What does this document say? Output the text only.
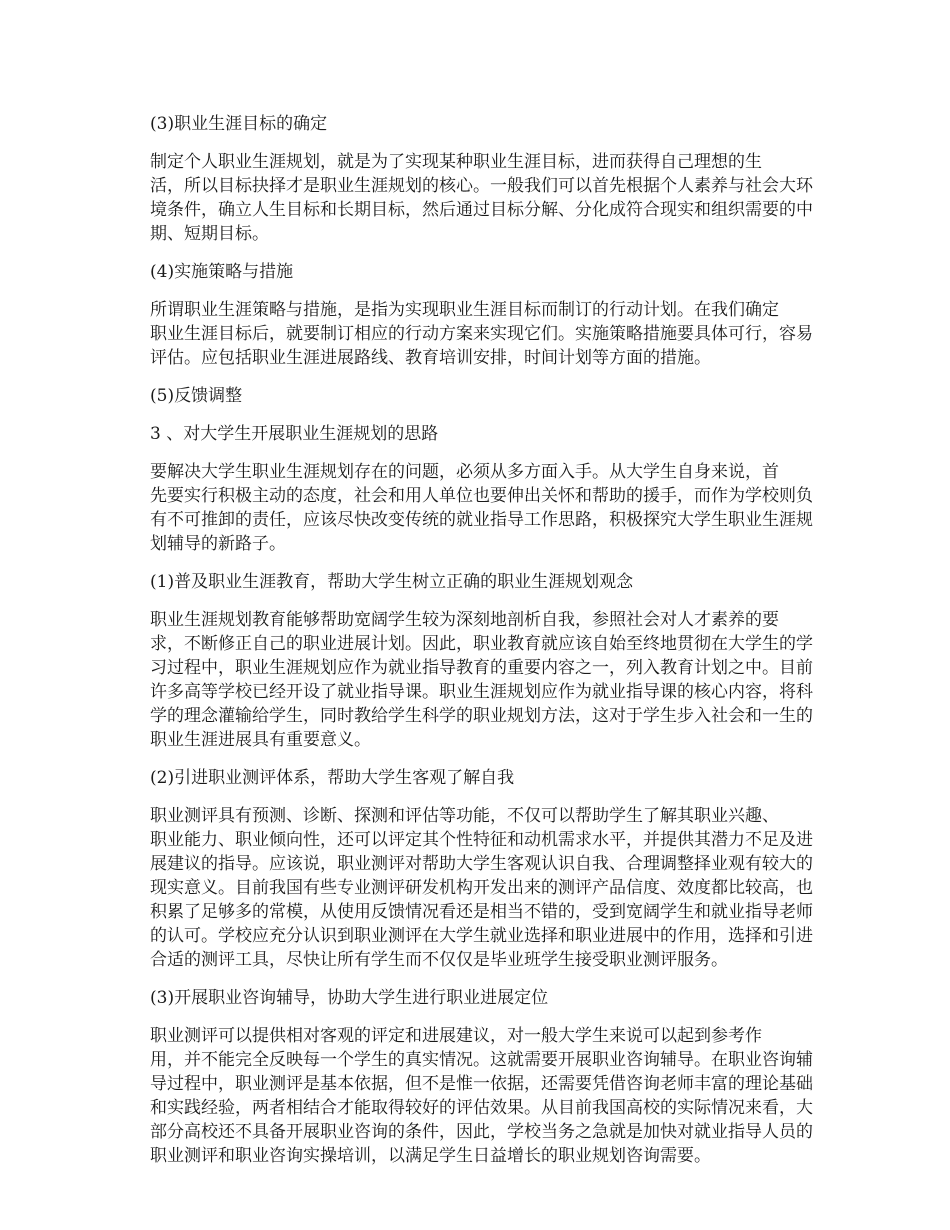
(3)职业生涯目标的确定

制定个人职业生涯规划，就是为了实现某种职业生涯目标，进而获得自己理想的生
活，所以目标抉择才是职业生涯规划的核心。一般我们可以首先根据个人素养与社会大环
境条件，确立人生目标和长期目标，然后通过目标分解、分化成符合现实和组织需要的中
期、短期目标。

(4)实施策略与措施

所谓职业生涯策略与措施，是指为实现职业生涯目标而制订的行动计划。在我们确定
职业生涯目标后，就要制订相应的行动方案来实现它们。实施策略措施要具体可行，容易
评估。应包括职业生涯进展路线、教育培训安排，时间计划等方面的措施。

(5)反馈调整

3 、对大学生开展职业生涯规划的思路

要解决大学生职业生涯规划存在的问题，必须从多方面入手。从大学生自身来说，首
先要实行积极主动的态度，社会和用人单位也要伸出关怀和帮助的援手，而作为学校则负
有不可推卸的责任，应该尽快改变传统的就业指导工作思路，积极探究大学生职业生涯规
划辅导的新路子。

(1)普及职业生涯教育，帮助大学生树立正确的职业生涯规划观念

职业生涯规划教育能够帮助宽阔学生较为深刻地剖析自我，参照社会对人才素养的要
求，不断修正自己的职业进展计划。因此，职业教育就应该自始至终地贯彻在大学生的学
习过程中，职业生涯规划应作为就业指导教育的重要内容之一，列入教育计划之中。目前
许多高等学校已经开设了就业指导课。职业生涯规划应作为就业指导课的核心内容，将科
学的理念灌输给学生，同时教给学生科学的职业规划方法，这对于学生步入社会和一生的
职业生涯进展具有重要意义。

(2)引进职业测评体系，帮助大学生客观了解自我

职业测评具有预测、诊断、探测和评估等功能，不仅可以帮助学生了解其职业兴趣、
职业能力、职业倾向性，还可以评定其个性特征和动机需求水平，并提供其潜力不足及进
展建议的指导。应该说，职业测评对帮助大学生客观认识自我、合理调整择业观有较大的
现实意义。目前我国有些专业测评研发机构开发出来的测评产品信度、效度都比较高，也
积累了足够多的常模，从使用反馈情况看还是相当不错的，受到宽阔学生和就业指导老师
的认可。学校应充分认识到职业测评在大学生就业选择和职业进展中的作用，选择和引进
合适的测评工具，尽快让所有学生而不仅仅是毕业班学生接受职业测评服务。

(3)开展职业咨询辅导，协助大学生进行职业进展定位

职业测评可以提供相对客观的评定和进展建议，对一般大学生来说可以起到参考作
用，并不能完全反映每一个学生的真实情况。这就需要开展职业咨询辅导。在职业咨询辅
导过程中，职业测评是基本依据，但不是惟一依据，还需要凭借咨询老师丰富的理论基础
和实践经验，两者相结合才能取得较好的评估效果。从目前我国高校的实际情况来看，大
部分高校还不具备开展职业咨询的条件，因此，学校当务之急就是加快对就业指导人员的
职业测评和职业咨询实操培训，以满足学生日益增长的职业规划咨询需要。
